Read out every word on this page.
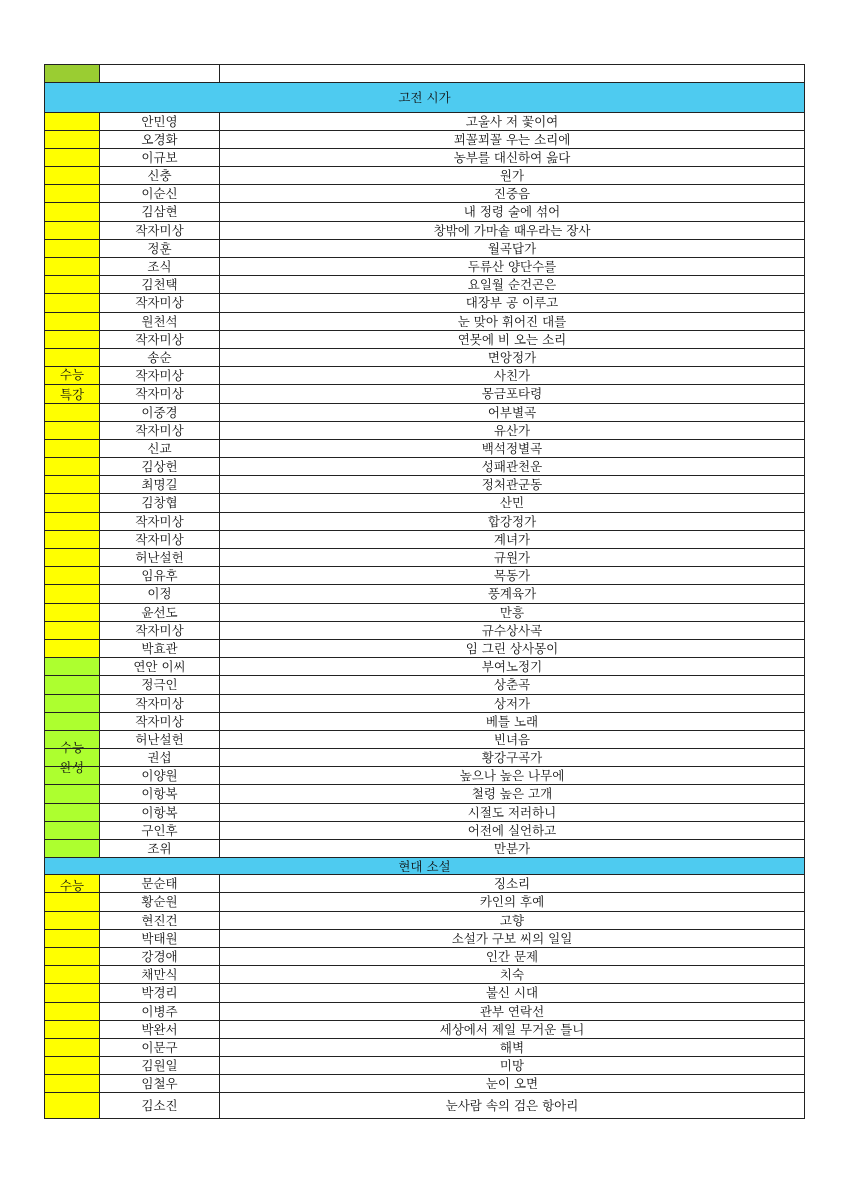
고전 시가
수능
특강
안민영	고울사 저 꽃이여
오경화	꾀꼴꾀꼴 우는 소리에
이규보	농부를 대신하여 읊다
신충	원가
이순신	진중음
김삼현	내 정령 술에 섞어
작자미상	창밖에 가마솥 때우라는 장사
정훈	월곡답가
조식	두류산 양단수를
김천택	요일월 순건곤은
작자미상	대장부 공 이루고
원천석	눈 맞아 휘어진 대를
작자미상	연못에 비 오는 소리
송순	면앙정가
작자미상	사친가
작자미상	몽금포타령
이중경	어부별곡
작자미상	유산가
신교	백석정별곡
김상헌	성패관천운
최명길	정처관군동
김창협	산민
작자미상	합강정가
작자미상	계녀가
허난설헌	규원가
임유후	목동가
이정	풍계육가
윤선도	만흥
작자미상	규수상사곡
박효관	임 그린 상사몽이
수능
완성
연안 이씨	부여노정기
정극인	상춘곡
작자미상	상저가
작자미상	베틀 노래
허난설헌	빈녀음
권섭	황강구곡가
이양원	높으나 높은 나무에
이항복	철령 높은 고개
이항복	시절도 저러하니
구인후	어전에 실언하고
조위	만분가
현대 소설
수능	문순태	징소리
황순원	카인의 후예
현진건	고향
박태원	소설가 구보 씨의 일일
강경애	인간 문제
채만식	치숙
박경리	불신 시대
이병주	관부 연락선
박완서	세상에서 제일 무거운 틀니
이문구	해벽
김원일	미망
임철우	눈이 오면
김소진	눈사람 속의 검은 항아리
